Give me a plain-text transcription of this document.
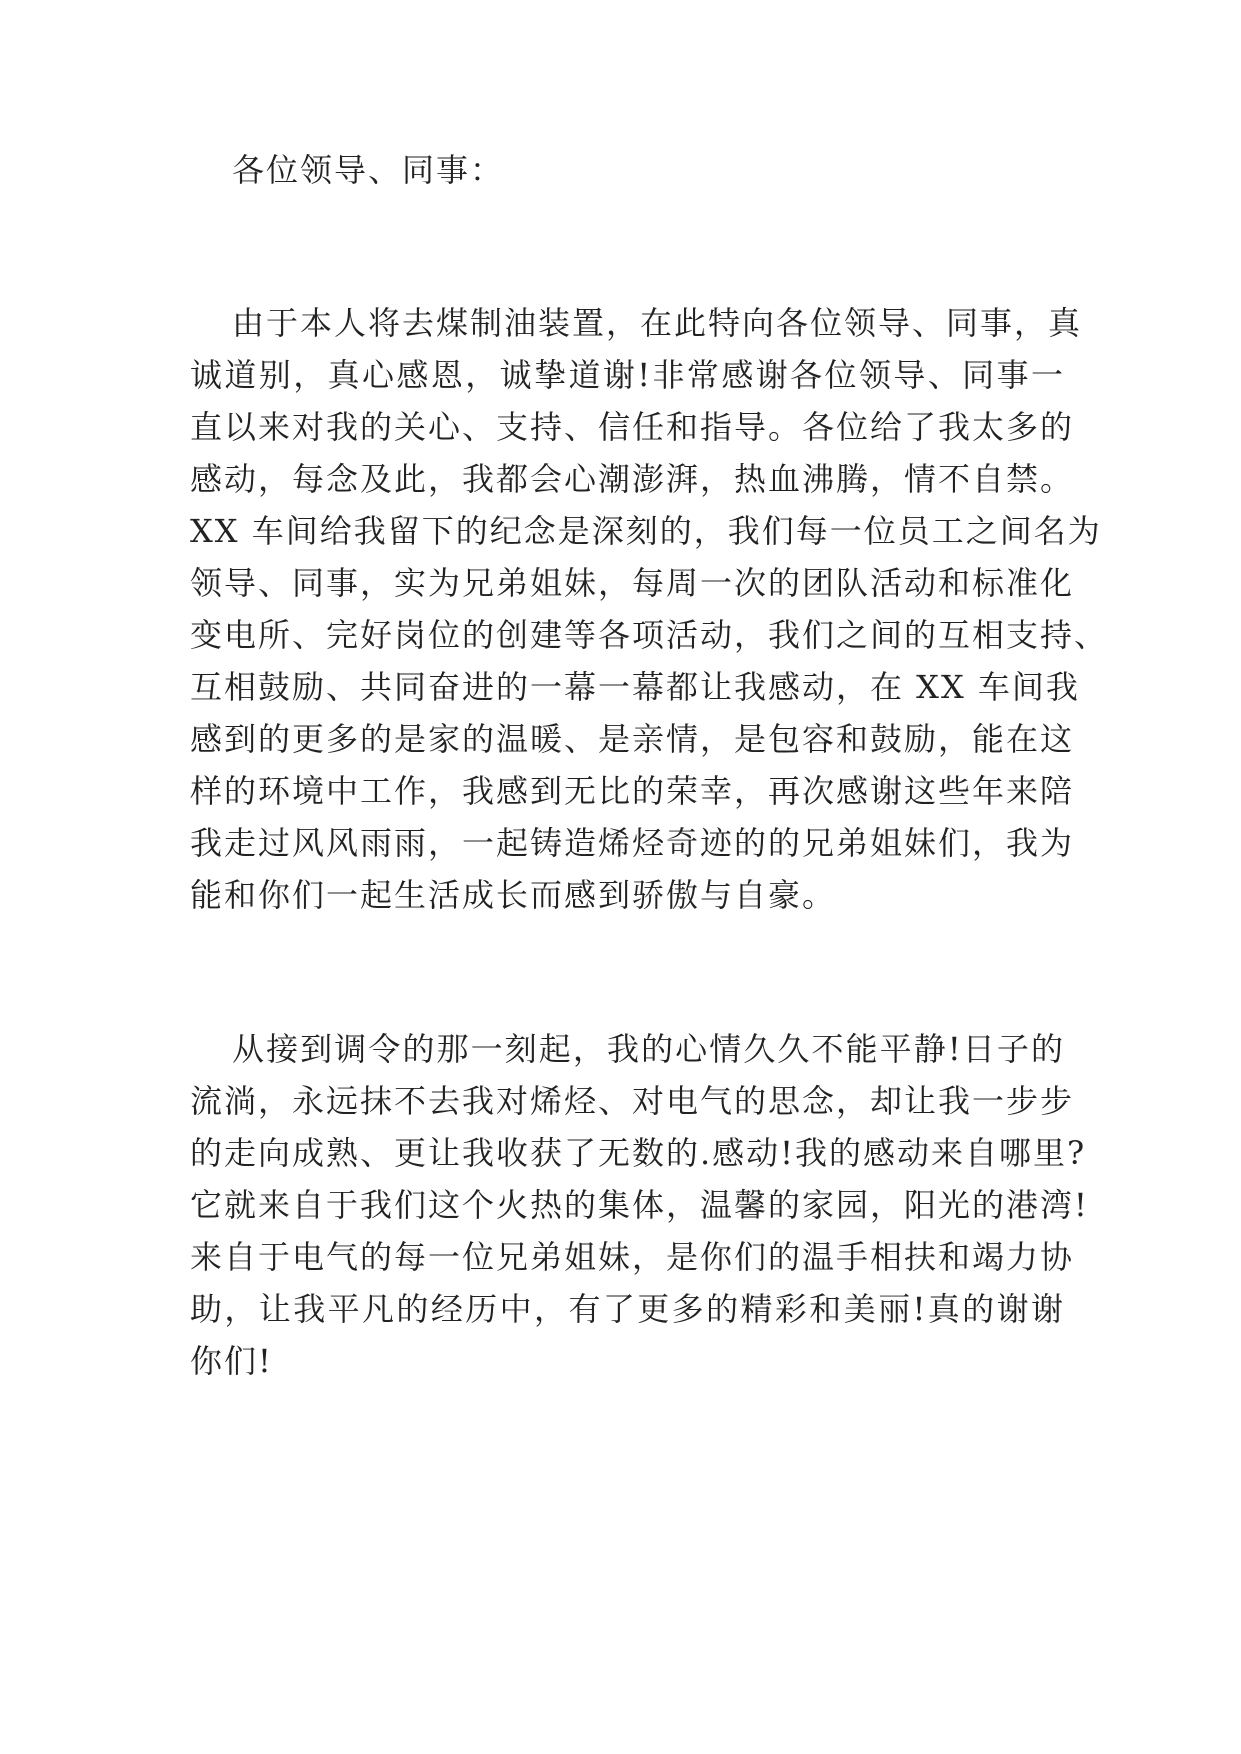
各位领导、同事：
由于本人将去煤制油装置，在此特向各位领导、同事，真
诚道别，真心感恩，诚挚道谢!非常感谢各位领导、同事一
直以来对我的关心、支持、信任和指导。各位给了我太多的
感动，每念及此，我都会心潮澎湃，热血沸腾，情不自禁。
XX 车间给我留下的纪念是深刻的，我们每一位员工之间名为
领导、同事，实为兄弟姐妹，每周一次的团队活动和标准化
变电所、完好岗位的创建等各项活动，我们之间的互相支持、
互相鼓励、共同奋进的一幕一幕都让我感动，在 XX 车间我
感到的更多的是家的温暖、是亲情，是包容和鼓励，能在这
样的环境中工作，我感到无比的荣幸，再次感谢这些年来陪
我走过风风雨雨，一起铸造烯烃奇迹的的兄弟姐妹们，我为
能和你们一起生活成长而感到骄傲与自豪。
从接到调令的那一刻起，我的心情久久不能平静!日子的
流淌，永远抹不去我对烯烃、对电气的思念，却让我一步步
的走向成熟、更让我收获了无数的.感动!我的感动来自哪里?
它就来自于我们这个火热的集体，温馨的家园，阳光的港湾!
来自于电气的每一位兄弟姐妹，是你们的温手相扶和竭力协
助，让我平凡的经历中，有了更多的精彩和美丽!真的谢谢
你们!
